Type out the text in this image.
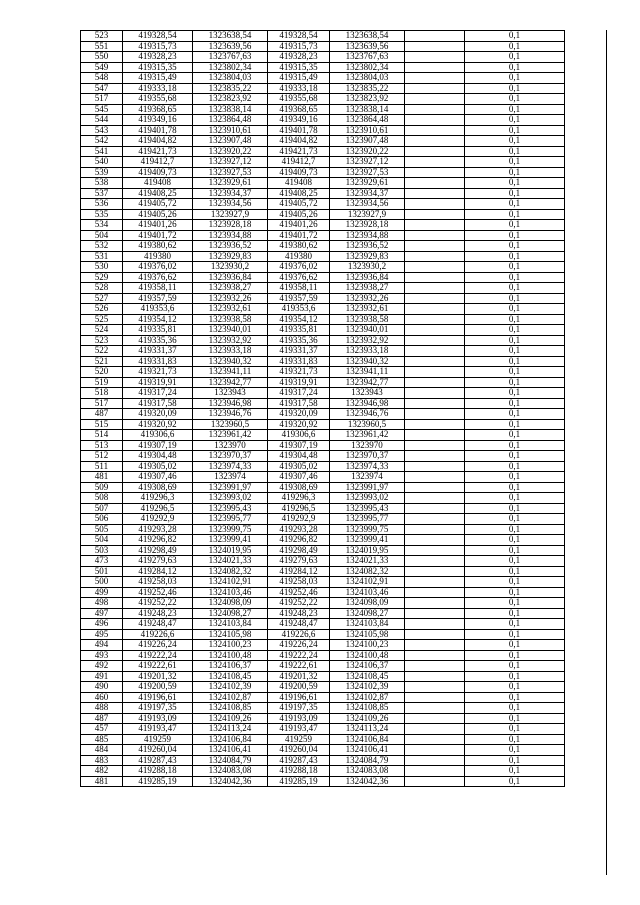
523	419328,54	1323638,54	419328,54	1323638,54		0,1	
551	419315,73	1323639,56	419315,73	1323639,56		0,1	
550	419328,23	1323767,63	419328,23	1323767,63		0,1	
549	419315,35	1323802,34	419315,35	1323802,34		0,1	
548	419315,49	1323804,03	419315,49	1323804,03		0,1	
547	419333,18	1323835,22	419333,18	1323835,22		0,1	
517	419355,68	1323823,92	419355,68	1323823,92		0,1	
545	419368,65	1323838,14	419368,65	1323838,14		0,1	
544	419349,16	1323864,48	419349,16	1323864,48		0,1	
543	419401,78	1323910,61	419401,78	1323910,61		0,1	
542	419404,82	1323907,48	419404,82	1323907,48		0,1	
541	419421,73	1323920,22	419421,73	1323920,22		0,1	
540	419412,7	1323927,12	419412,7	1323927,12		0,1	
539	419409,73	1323927,53	419409,73	1323927,53		0,1	
538	419408	1323929,61	419408	1323929,61		0,1	
537	419408,25	1323934,37	419408,25	1323934,37		0,1	
536	419405,72	1323934,56	419405,72	1323934,56		0,1	
535	419405,26	1323927,9	419405,26	1323927,9		0,1	
534	419401,26	1323928,18	419401,26	1323928,18		0,1	
504	419401,72	1323934,88	419401,72	1323934,88		0,1	
532	419380,62	1323936,52	419380,62	1323936,52		0,1	
531	419380	1323929,83	419380	1323929,83		0,1	
530	419376,02	1323930,2	419376,02	1323930,2		0,1	
529	419376,62	1323936,84	419376,62	1323936,84		0,1	
528	419358,11	1323938,27	419358,11	1323938,27		0,1	
527	419357,59	1323932,26	419357,59	1323932,26		0,1	
526	419353,6	1323932,61	419353,6	1323932,61		0,1	
525	419354,12	1323938,58	419354,12	1323938,58		0,1	
524	419335,81	1323940,01	419335,81	1323940,01		0,1	
523	419335,36	1323932,92	419335,36	1323932,92		0,1	
522	419331,37	1323933,18	419331,37	1323933,18		0,1	
521	419331,83	1323940,32	419331,83	1323940,32		0,1	
520	419321,73	1323941,11	419321,73	1323941,11		0,1	
519	419319,91	1323942,77	419319,91	1323942,77		0,1	
518	419317,24	1323943	419317,24	1323943		0,1	
517	419317,58	1323946,98	419317,58	1323946,98		0,1	
487	419320,09	1323946,76	419320,09	1323946,76		0,1	
515	419320,92	1323960,5	419320,92	1323960,5		0,1	
514	419306,6	1323961,42	419306,6	1323961,42		0,1	
513	419307,19	1323970	419307,19	1323970		0,1	
512	419304,48	1323970,37	419304,48	1323970,37		0,1	
511	419305,02	1323974,33	419305,02	1323974,33		0,1	
481	419307,46	1323974	419307,46	1323974		0,1	
509	419308,69	1323991,97	419308,69	1323991,97		0,1	
508	419296,3	1323993,02	419296,3	1323993,02		0,1	
507	419296,5	1323995,43	419296,5	1323995,43		0,1	
506	419292,9	1323995,77	419292,9	1323995,77		0,1	
505	419293,28	1323999,75	419293,28	1323999,75		0,1	
504	419296,82	1323999,41	419296,82	1323999,41		0,1	
503	419298,49	1324019,95	419298,49	1324019,95		0,1	
473	419279,63	1324021,33	419279,63	1324021,33		0,1	
501	419284,12	1324082,32	419284,12	1324082,32		0,1	
500	419258,03	1324102,91	419258,03	1324102,91		0,1	
499	419252,46	1324103,46	419252,46	1324103,46		0,1	
498	419252,22	1324098,09	419252,22	1324098,09		0,1	
497	419248,23	1324098,27	419248,23	1324098,27		0,1	
496	419248,47	1324103,84	419248,47	1324103,84		0,1	
495	419226,6	1324105,98	419226,6	1324105,98		0,1	
494	419226,24	1324100,23	419226,24	1324100,23		0,1	
493	419222,24	1324100,48	419222,24	1324100,48		0,1	
492	419222,61	1324106,37	419222,61	1324106,37		0,1	
491	419201,32	1324108,45	419201,32	1324108,45		0,1	
490	419200,59	1324102,39	419200,59	1324102,39		0,1	
460	419196,61	1324102,87	419196,61	1324102,87		0,1	
488	419197,35	1324108,85	419197,35	1324108,85		0,1	
487	419193,09	1324109,26	419193,09	1324109,26		0,1	
457	419193,47	1324113,24	419193,47	1324113,24		0,1	
485	419259	1324106,84	419259	1324106,84		0,1	
484	419260,04	1324106,41	419260,04	1324106,41		0,1	
483	419287,43	1324084,79	419287,43	1324084,79		0,1	
482	419288,18	1324083,08	419288,18	1324083,08		0,1	
481	419285,19	1324042,36	419285,19	1324042,36		0,1	
